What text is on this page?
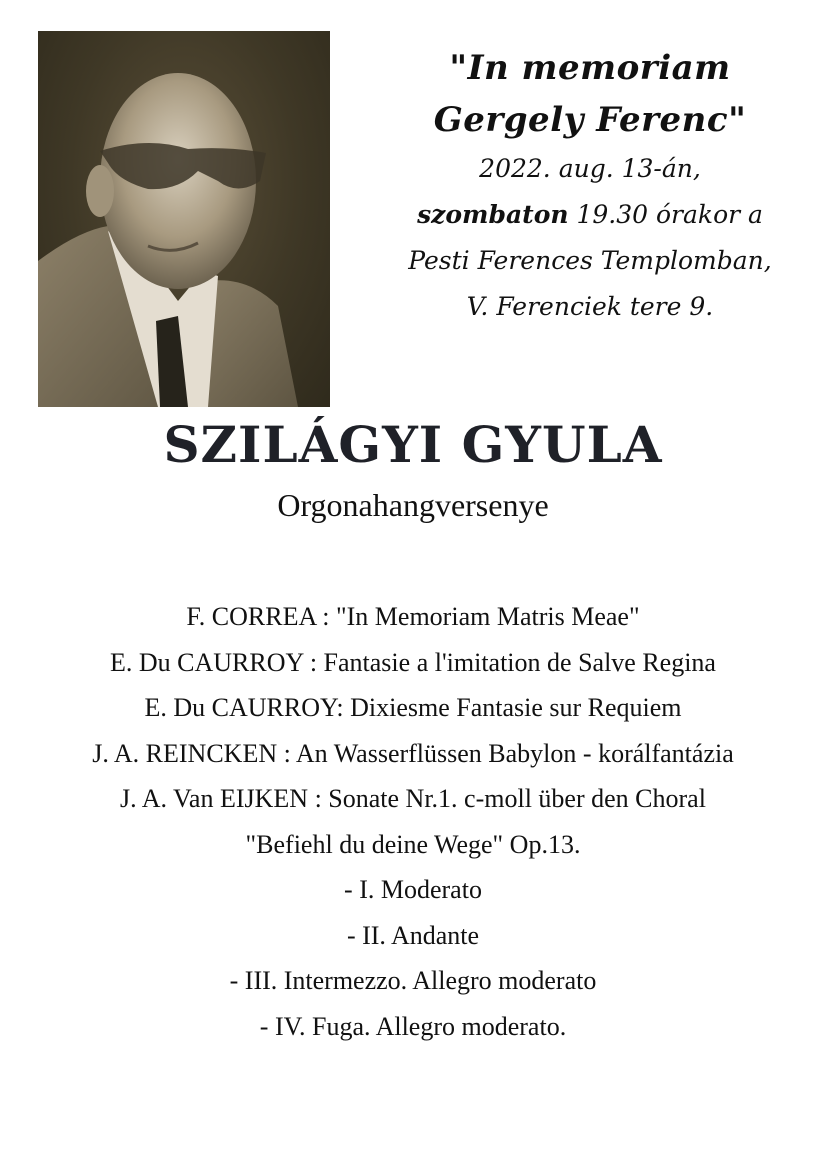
"In memoriam
Gergely Ferenc"
2022. aug. 13-án,
szombaton 19.30 órakor a
Pesti Ferences Templomban,
V. Ferenciek tere 9.
SZILÁGYI GYULA
Orgonahangversenye
F. CORREA : "In Memoriam Matris Meae"
E. Du CAURROY : Fantasie a l'imitation de Salve Regina
E. Du CAURROY: Dixiesme Fantasie sur Requiem
J. A. REINCKEN : An Wasserflüssen Babylon - korálfantázia
J. A. Van EIJKEN : Sonate Nr.1. c-moll über den Choral
"Befiehl du deine Wege" Op.13.
- I. Moderato
- II. Andante
- III. Intermezzo. Allegro moderato
- IV. Fuga. Allegro moderato.
